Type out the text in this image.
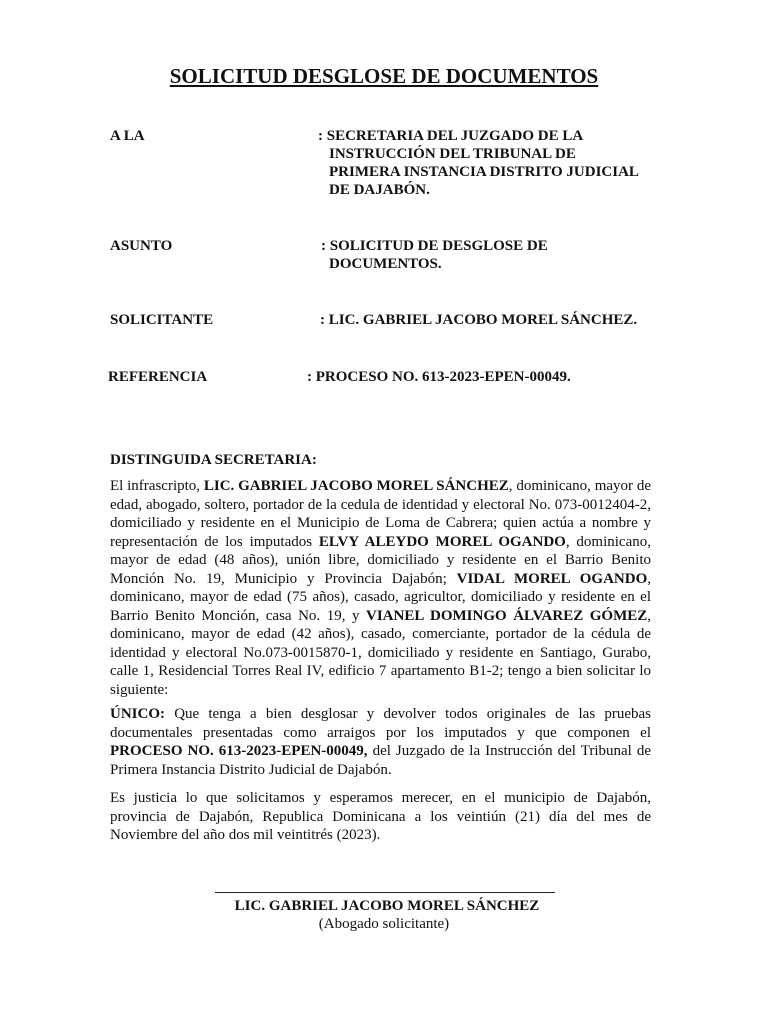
SOLICITUD DESGLOSE DE DOCUMENTOS
A LA	: SECRETARIA DEL JUZGADO DE LA
INSTRUCCIÓN DEL TRIBUNAL DE
PRIMERA INSTANCIA DISTRITO JUDICIAL
DE DAJABÓN.
ASUNTO	: SOLICITUD DE DESGLOSE DE
DOCUMENTOS.
SOLICITANTE	: LIC. GABRIEL JACOBO MOREL SÁNCHEZ.
REFERENCIA	: PROCESO NO. 613-2023-EPEN-00049.
DISTINGUIDA SECRETARIA:
El infrascripto, LIC. GABRIEL JACOBO MOREL SÁNCHEZ, dominicano, mayor de edad, abogado, soltero, portador de la cedula de identidad y electoral No. 073-0012404-2, domiciliado y residente en el Municipio de Loma de Cabrera; quien actúa a nombre y representación de los imputados ELVY ALEYDO MOREL OGANDO, dominicano, mayor de edad (48 años), unión libre, domiciliado y residente en el Barrio Benito Monción No. 19, Municipio y Provincia Dajabón; VIDAL MOREL OGANDO, dominicano, mayor de edad (75 años), casado, agricultor, domiciliado y residente en el Barrio Benito Monción, casa No. 19, y VIANEL DOMINGO ÁLVAREZ GÓMEZ, dominicano, mayor de edad (42 años), casado, comerciante, portador de la cédula de identidad y electoral No.073-0015870-1, domiciliado y residente en Santiago, Gurabo, calle 1, Residencial Torres Real IV, edificio 7 apartamento B1-2; tengo a bien solicitar lo siguiente:
ÚNICO: Que tenga a bien desglosar y devolver todos originales de las pruebas documentales presentadas como arraigos por los imputados y que componen el PROCESO NO. 613-2023-EPEN-00049, del Juzgado de la Instrucción del Tribunal de Primera Instancia Distrito Judicial de Dajabón.
Es justicia lo que solicitamos y esperamos merecer, en el municipio de Dajabón, provincia de Dajabón, Republica Dominicana a los veintiún (21) día del mes de Noviembre del año dos mil veintitrés (2023).
LIC. GABRIEL JACOBO MOREL SÁNCHEZ
(Abogado solicitante)
